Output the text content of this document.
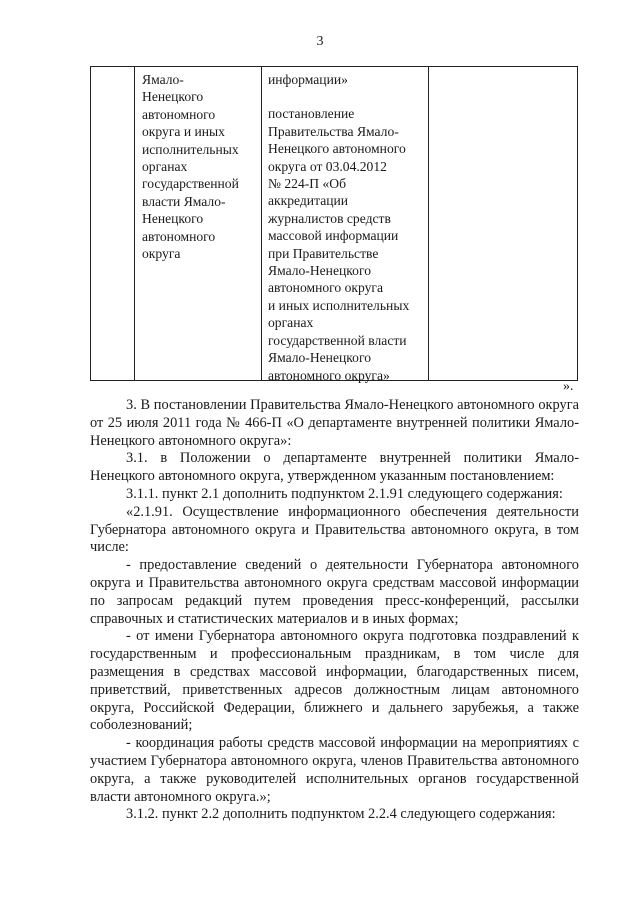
3
Ямало-
Ненецкого
автономного
округа и иных
исполнительных
органах
государственной
власти Ямало-
Ненецкого
автономного
округа
информации»
постановление
Правительства Ямало-
Ненецкого автономного
округа от 03.04.2012
№ 224-П «Об
аккредитации
журналистов средств
массовой информации
при Правительстве
Ямало-Ненецкого
автономного округа
и иных исполнительных
органах
государственной власти
Ямало-Ненецкого
автономного округа»
».

3. В постановлении Правительства Ямало-Ненецкого автономного округа от 25 июля 2011 года № 466-П «О департаменте внутренней политики Ямало-Ненецкого автономного округа»:

3.1. в Положении о департаменте внутренней политики Ямало-Ненецкого автономного округа, утвержденном указанным постановлением:

3.1.1. пункт 2.1 дополнить подпунктом 2.1.91 следующего содержания:

«2.1.91. Осуществление информационного обеспечения деятельности Губернатора автономного округа и Правительства автономного округа, в том числе:

- предоставление сведений о деятельности Губернатора автономного округа и Правительства автономного округа средствам массовой информации по запросам редакций путем проведения пресс-конференций, рассылки справочных и статистических материалов и в иных формах;

- от имени Губернатора автономного округа подготовка поздравлений к государственным и профессиональным праздникам, в том числе для размещения в средствах массовой информации, благодарственных писем, приветствий, приветственных адресов должностным лицам автономного округа, Российской Федерации, ближнего и дальнего зарубежья, а также соболезнований;

- координация работы средств массовой информации на мероприятиях с участием Губернатора автономного округа, членов Правительства автономного округа, а также руководителей исполнительных органов государственной власти автономного округа.»;

3.1.2. пункт 2.2 дополнить подпунктом 2.2.4 следующего содержания:
